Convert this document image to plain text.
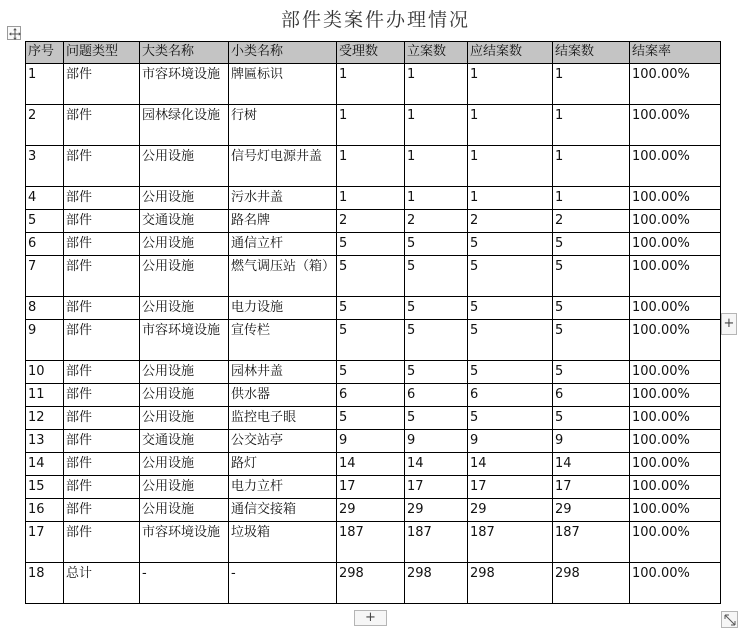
部件类案件办理情况
序号	问题类型	大类名称	小类名称	受理数	立案数	应结案数	结案数	结案率
1	部件	市容环境设施	牌匾标识	1	1	1	1	100.00%
2	部件	园林绿化设施	行树	1	1	1	1	100.00%
3	部件	公用设施	信号灯电源井盖	1	1	1	1	100.00%
4	部件	公用设施	污水井盖	1	1	1	1	100.00%
5	部件	交通设施	路名牌	2	2	2	2	100.00%
6	部件	公用设施	通信立杆	5	5	5	5	100.00%
7	部件	公用设施	燃气调压站（箱）	5	5	5	5	100.00%
8	部件	公用设施	电力设施	5	5	5	5	100.00%
9	部件	市容环境设施	宣传栏	5	5	5	5	100.00%
10	部件	公用设施	园林井盖	5	5	5	5	100.00%
11	部件	公用设施	供水器	6	6	6	6	100.00%
12	部件	公用设施	监控电子眼	5	5	5	5	100.00%
13	部件	交通设施	公交站亭	9	9	9	9	100.00%
14	部件	公用设施	路灯	14	14	14	14	100.00%
15	部件	公用设施	电力立杆	17	17	17	17	100.00%
16	部件	公用设施	通信交接箱	29	29	29	29	100.00%
17	部件	市容环境设施	垃圾箱	187	187	187	187	100.00%
18	总计	-	-	298	298	298	298	100.00%
+
+
